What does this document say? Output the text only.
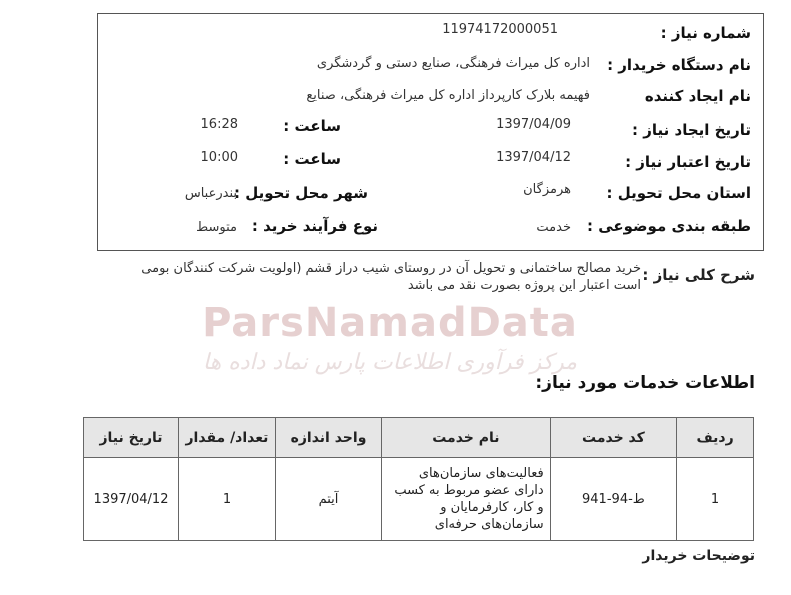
ParsNamadData
مرکز فرآوری اطلاعات پارس نماد داده ها
شماره نیاز :
11974172000051
نام دستگاه خریدار :
اداره کل میراث فرهنگی، صنایع دستی و گردشگری
نام ایجاد کننده
فهیمه بلارک کارپرداز اداره کل میراث فرهنگی، صنایع
تاریخ ایجاد نیاز :
1397/04/09
ساعت :
16:28
تاریخ اعتبار نیاز :
1397/04/12
ساعت :
10:00
استان محل تحویل :
هرمزگان
شهر محل تحویل :
بندرعباس
طبقه بندی موضوعی :
خدمت
نوع فرآیند خرید :
متوسط
شرح کلی نیاز :
خرید مصالح ساختمانی و تحویل آن در روستای شیب دراز قشم (اولویت شرکت کنندگان بومی است اعتبار این پروژه بصورت نقد می باشد
اطلاعات خدمات مورد نیاز:
ردیف	کد خدمت	نام خدمت	واحد اندازه	تعداد/ مقدار	تاریخ نیاز
1	ط-94-941	فعالیت‌های سازمان‌های دارای عضو مربوط به کسب و کار، کارفرمایان و سازمان‌های حرفه‌ای	آیتم	1	1397/04/12
توضیحات خریدار
